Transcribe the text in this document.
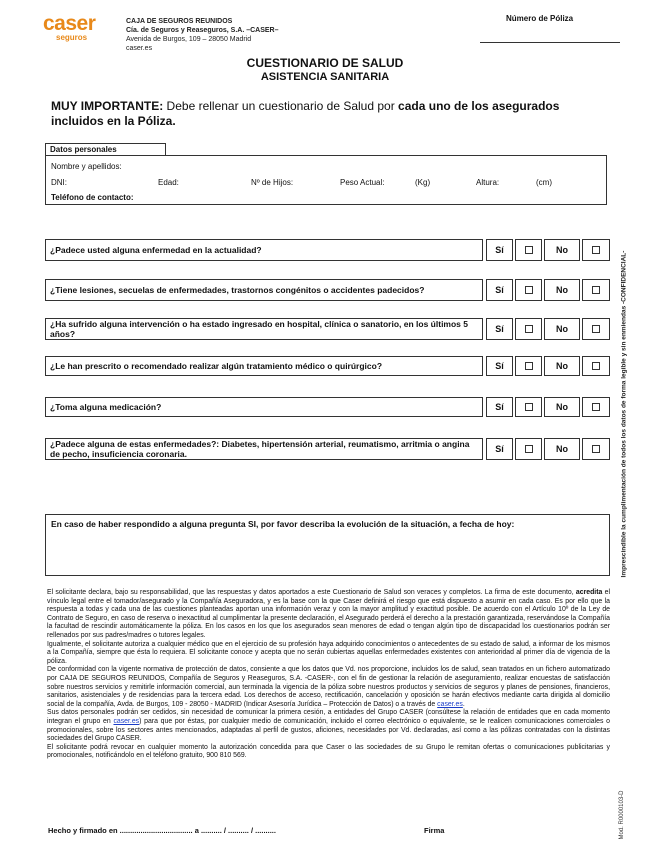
caser
seguros
CAJA DE SEGUROS REUNIDOS
Cía. de Seguros y Reaseguros, S.A. –CASER–
Avenida de Burgos, 109 – 28050 Madrid
caser.es
Número de Póliza
CUESTIONARIO DE SALUD
ASISTENCIA SANITARIA
MUY IMPORTANTE: Debe rellenar un cuestionario de Salud por cada uno de los asegurados incluidos en la Póliza.
Datos personales
Nombre y apellidos:
DNI:	Edad:	Nº de Hijos:	Peso Actual:	(Kg)	Altura:	(cm)
Teléfono de contacto:
¿Padece usted alguna enfermedad en la actualidad?	Sí	No
¿Tiene lesiones, secuelas de enfermedades, trastornos congénitos o accidentes padecidos?	Sí	No
¿Ha sufrido alguna intervención o ha estado ingresado en hospital, clínica o sanatorio, en los últimos 5 años?	Sí	No
¿Le han prescrito o recomendado realizar algún tratamiento médico o quirúrgico?	Sí	No
¿Toma alguna medicación?	Sí	No
¿Padece alguna de estas enfermedades?: Diabetes, hipertensión arterial, reumatismo, arritmia o angina de pecho, insuficiencia coronaria.	Sí	No
En caso de haber respondido a alguna pregunta SI, por favor describa la evolución de la situación, a fecha de hoy:

El solicitante declara, bajo su responsabilidad, que las respuestas y datos aportados a este Cuestionario de Salud son veraces y completos. La firma de este documento, acredita el vínculo legal entre el tomador/asegurado y la Compañía Aseguradora, y es la base con la que Caser definirá el riesgo que está dispuesto a asumir en cada caso. Es por ello que la respuesta a todas y cada una de las cuestiones planteadas aportan una información veraz y con la mayor amplitud y exactitud posible. De acuerdo con el Artículo 10º de la Ley de Contrato de Seguro, en caso de reserva o inexactitud al cumplimentar la presente declaración, el Asegurado perderá el derecho a la prestación garantizada, reservándose la Compañía la facultad de rescindir automáticamente la póliza. En los casos en los que los asegurados sean menores de edad o tengan algún tipo de discapacidad los cuestionarios podrán ser rellenados por sus padres/madres o tutores legales.

Igualmente, el solicitante autoriza a cualquier médico que en el ejercicio de su profesión haya adquirido conocimientos o antecedentes de su estado de salud, a informar de los mismos a la Compañía, siempre que ésta lo requiera. El solicitante conoce y acepta que no serán cubiertas aquellas enfermedades existentes con anterioridad al primer día de vigencia de la póliza.

De conformidad con la vigente normativa de protección de datos, consiente a que los datos que Vd. nos proporcione, incluidos los de salud, sean tratados en un fichero automatizado por CAJA DE SEGUROS REUNIDOS, Compañía de Seguros y Reaseguros, S.A. -CASER-, con el fin de gestionar la relación de aseguramiento, realizar encuestas de satisfacción sobre nuestros servicios y remitirle información comercial, aun terminada la vigencia de la póliza sobre nuestros productos y servicios de seguros y planes de pensiones, financieros, sanitarios, asistenciales y de residencias para la tercera edad. Los derechos de acceso, rectificación, cancelación y oposición se harán efectivos mediante carta dirigida al domicilio social de la compañía, Avda. de Burgos, 109 - 28050 - MADRID (Indicar Asesoría Jurídica – Protección de Datos) o a través de caser.es.

Sus datos personales podrán ser cedidos, sin necesidad de comunicar la primera cesión, a entidades del Grupo CASER (consúltese la relación de entidades que en cada momento integran el grupo en caser.es) para que por éstas, por cualquier medio de comunicación, incluido el correo electrónico o equivalente, se le realicen comunicaciones comerciales o promocionales, sobre los sectores antes mencionados, adaptadas al perfil de gustos, aficiones, necesidades por Vd. declaradas, así como a las pólizas contratadas con la distintas sociedades del Grupo CASER.

El solicitante podrá revocar en cualquier momento la autorización concedida para que Caser o las sociedades de su Grupo le remitan ofertas o comunicaciones publicitarias y promocionales, notificándolo en el teléfono gratuito, 900 810 569.

Hecho y firmado en ................................... a .......... / .......... / ..........	Firma
Imprescindible la cumplimentación de todos los datos de forma legible y sin enmiendas -CONFIDENCIAL-
Mod. R0000103-D
